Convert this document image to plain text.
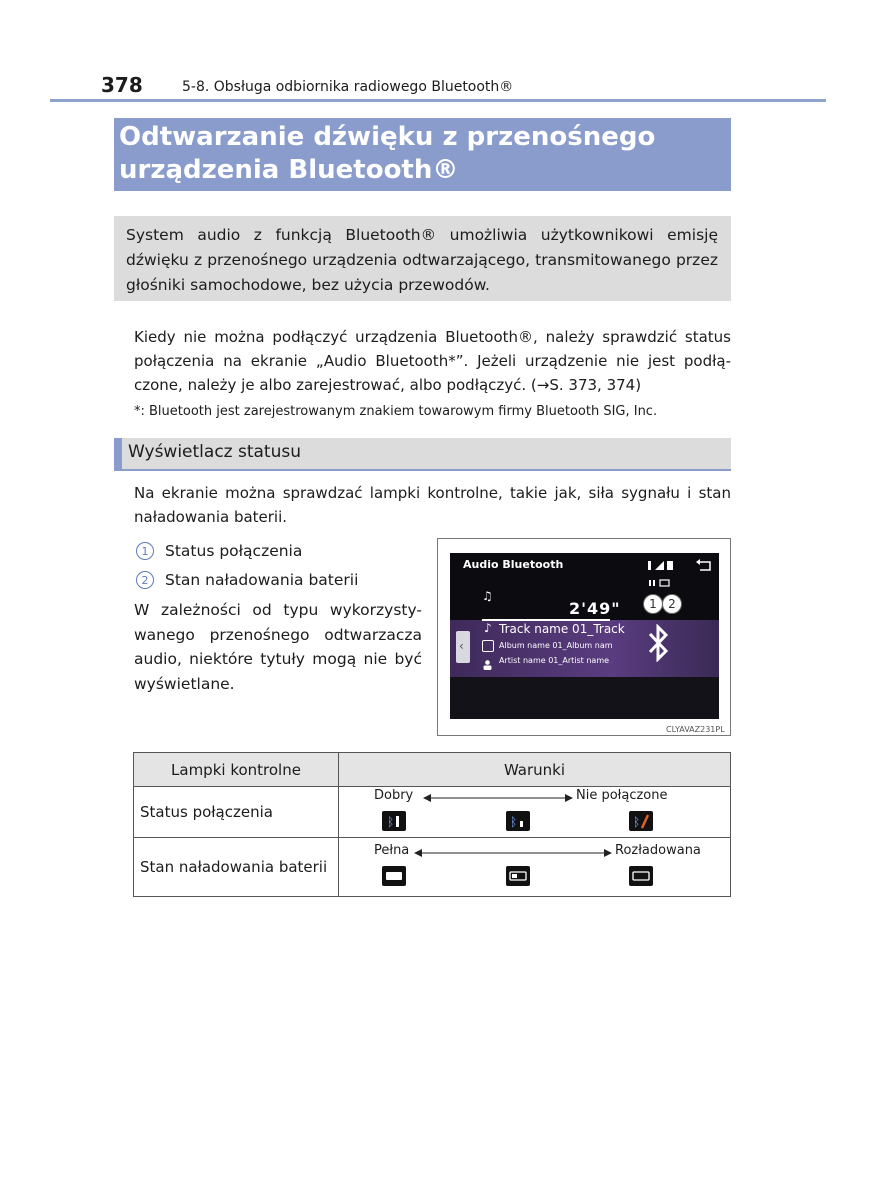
378	5-8. Obsługa odbiornika radiowego Bluetooth®
Odtwarzanie dźwięku z przenośnego
urządzenia Bluetooth®
System audio z funkcją Bluetooth® umożliwia użytkownikowi emisję dźwięku z przenośnego urządzenia odtwarzającego, transmitowanego przez głośniki samochodowe, bez użycia przewodów.
Kiedy nie można podłączyć urządzenia Bluetooth®, należy sprawdzić status połączenia na ekranie „Audio Bluetooth*”. Jeżeli urządzenie nie jest podłą- czone, należy je albo zarejestrować, albo podłączyć. (→S. 373, 374)
*: Bluetooth jest zarejestrowanym znakiem towarowym firmy Bluetooth SIG, Inc.
Wyświetlacz statusu
Na ekranie można sprawdzać lampki kontrolne, takie jak, siła sygnału i stan naładowania baterii.
1	Status połączenia
2	Stan naładowania baterii
W zależności od typu wykorzysty- wanego przenośnego odtwarzacza audio, niektóre tytuły mogą nie być wyświetlane.
Audio Bluetooth
♫
2'49"	1 2
♪ Track name 01_Track
Album name 01_Album nam
Artist name 01_Artist name
‹
CLYAVAZ231PL
Lampki kontrolne	Warunki
Status połączenia	Dobry Nie połączone
ᛒ ᛒ ᛒ

Stan naładowania baterii	Pełna Rozładowana
